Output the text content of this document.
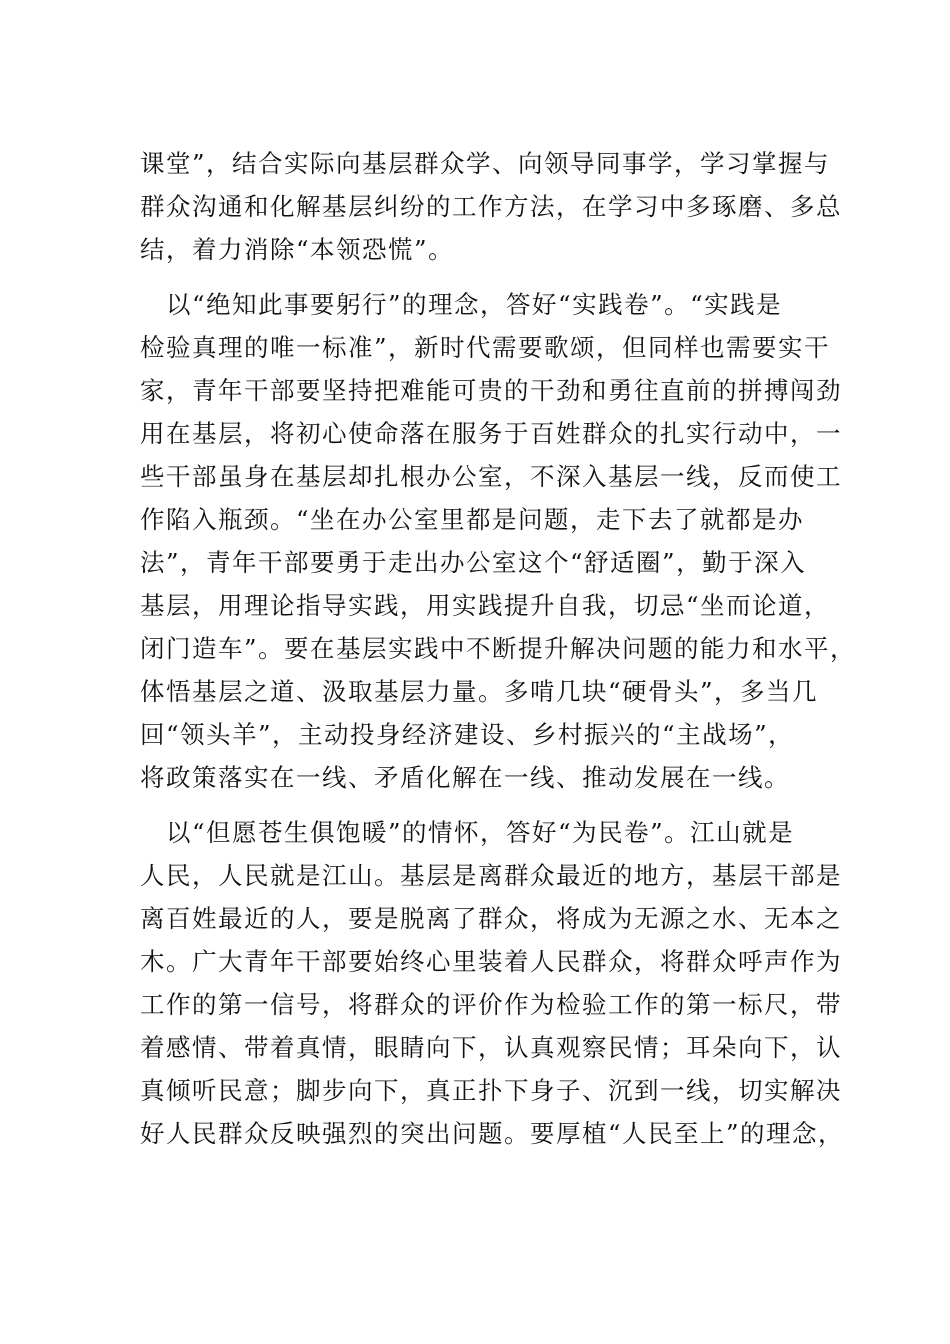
课堂”，结合实际向基层群众学、向领导同事学，学习掌握与
群众沟通和化解基层纠纷的工作方法，在学习中多琢磨、多总
结，着力消除“本领恐慌”。
　以“绝知此事要躬行”的理念，答好“实践卷”。“实践是
检验真理的唯一标准”，新时代需要歌颂，但同样也需要实干
家，青年干部要坚持把难能可贵的干劲和勇往直前的拼搏闯劲
用在基层，将初心使命落在服务于百姓群众的扎实行动中，一
些干部虽身在基层却扎根办公室，不深入基层一线，反而使工
作陷入瓶颈。“坐在办公室里都是问题，走下去了就都是办
法”，青年干部要勇于走出办公室这个“舒适圈”，勤于深入
基层，用理论指导实践，用实践提升自我，切忌“坐而论道，
闭门造车”。要在基层实践中不断提升解决问题的能力和水平，
体悟基层之道、汲取基层力量。多啃几块“硬骨头”，多当几
回“领头羊”，主动投身经济建设、乡村振兴的“主战场”，
将政策落实在一线、矛盾化解在一线、推动发展在一线。
　以“但愿苍生俱饱暖”的情怀，答好“为民卷”。江山就是
人民，人民就是江山。基层是离群众最近的地方，基层干部是
离百姓最近的人，要是脱离了群众，将成为无源之水、无本之
木。广大青年干部要始终心里装着人民群众，将群众呼声作为
工作的第一信号，将群众的评价作为检验工作的第一标尺，带
着感情、带着真情，眼睛向下，认真观察民情；耳朵向下，认
真倾听民意；脚步向下，真正扑下身子、沉到一线，切实解决
好人民群众反映强烈的突出问题。要厚植“人民至上”的理念，
